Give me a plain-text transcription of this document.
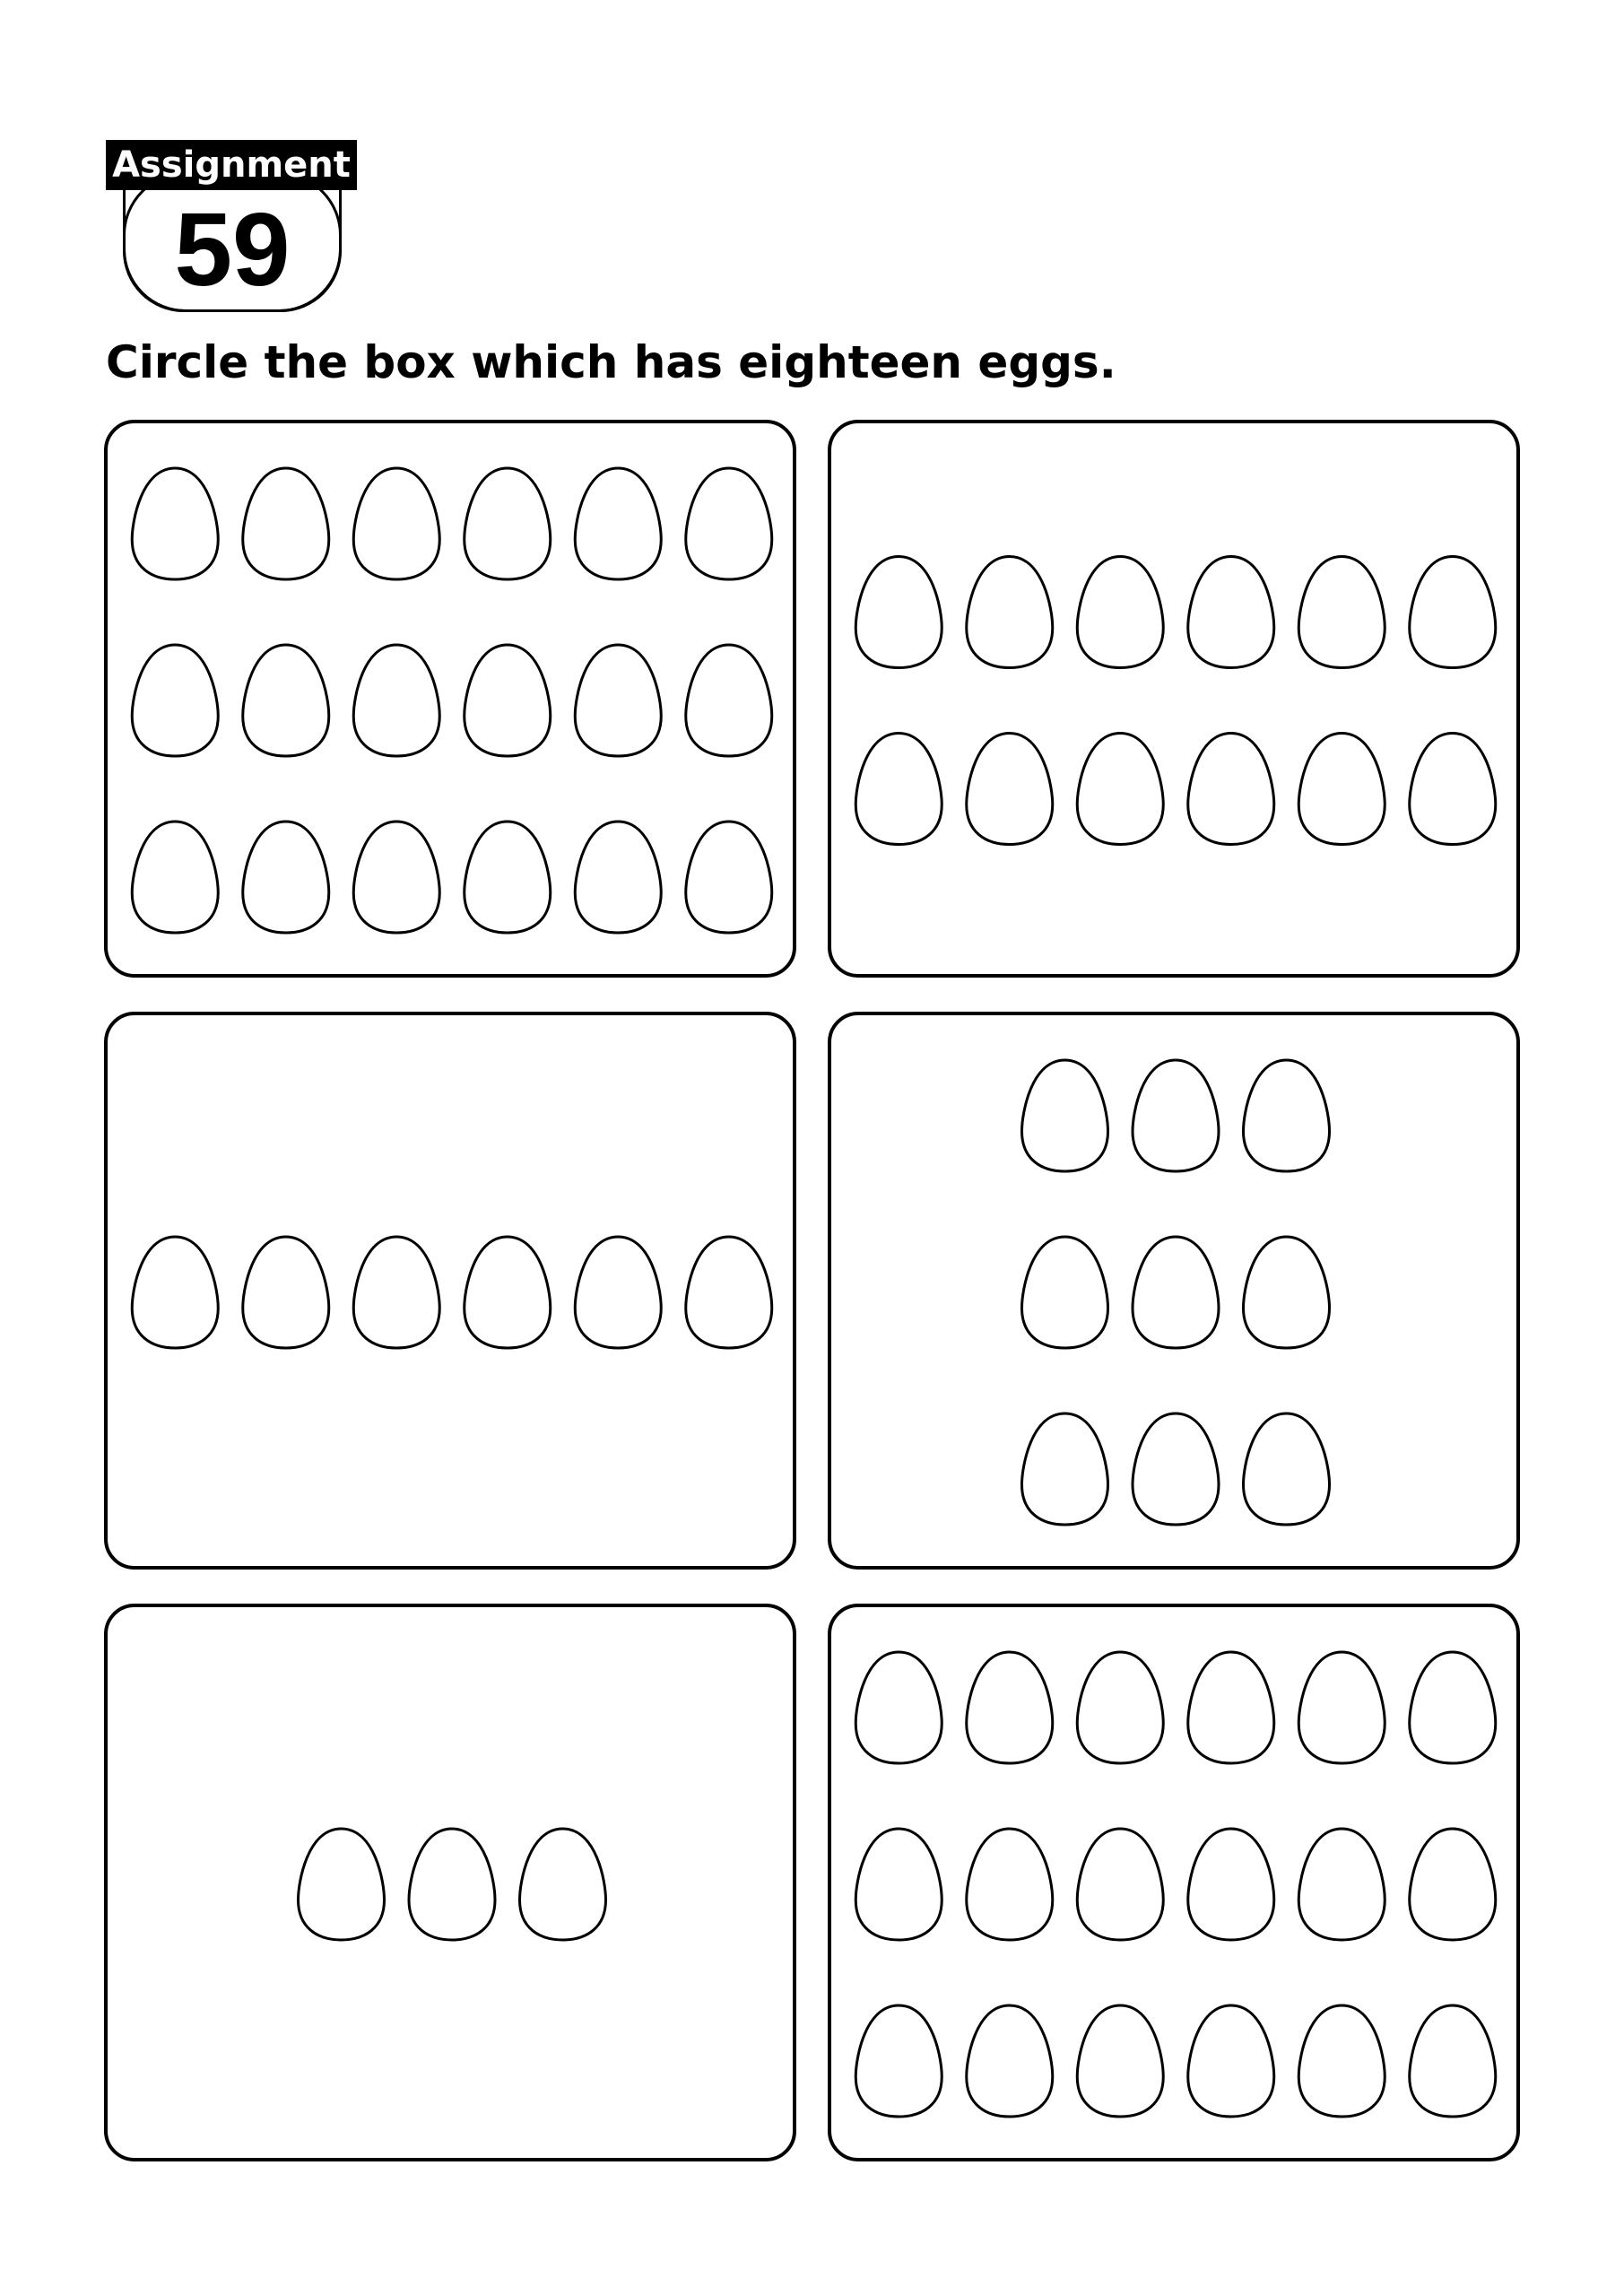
Assignment
59
Circle the box which has eighteen eggs.
